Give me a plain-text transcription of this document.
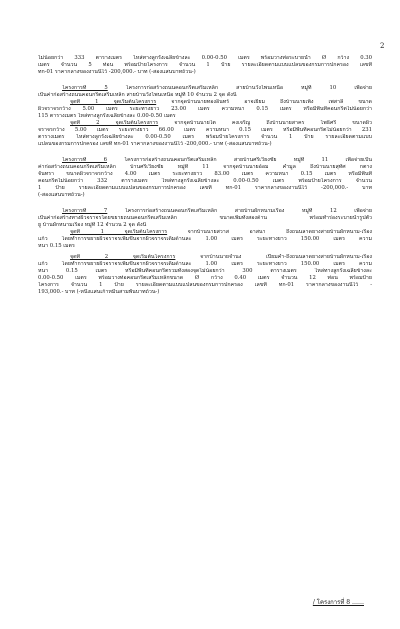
2
ไม่น้อยกว่า 333 ตารางเมตร ไหล่ทางลูกรังเฉลี่ยข้างละ 0.00-0.50 เมตร พร้อมวางท่อระบายน้ำ Ø กว้าง 0.30
เมตร จำนวน 5 ท่อน พร้อมป้ายโครงการ จำนวน 1 ป้าย รายละเอียดตามแบบแปลนของกรมการปกครอง เลขที่
ทก-01 ราคากลางของงานนี้ไว้ -200,000.- บาท (-สองแสนบาทถ้วน-)
โครงการที่ 5 โครงการก่อสร้างถนนคอนกรีตเสริมเหล็ก สายบ้านวังโพนเหนือ หมู่ที่ 10 เพื่อจ่าย
เป็นค่าก่อสร้างถนนคอนกรีตเสริมเหล็ก สายบ้านวังโพนเหนือ หมู่ที่ 10 จำนวน 2 จุด ดังนี้
จุดที่ 1 จุดเริ่มต้นโครงการ จากจุดบ้านนายทองอินทร์ อาจเยี่ยม ถึงบ้านนายเพ็ง เพสาลี ขนาด
ผิวจราจรกว้าง 5.00 เมตร ระยะทางยาว 23.00 เมตร ความหนา 0.15 เมตร หรือมีพื้นที่คอนกรีตไม่น้อยกว่า
115 ตารางเมตร ไหล่ทางลูกรังเฉลี่ยข้างละ 0.00-0.50 เมตร
จุดที่ 2 จุดเริ่มต้นโครงการ จากจุดบ้านนายไต คงเจริญ ถึงบ้านนายสาคร โพธิ์ศรี ขนาดผิว
จราจรกว้าง 5.00 เมตร ระยะทางยาว 66.00 เมตร ความหนา 0.15 เมตร หรือมีพื้นที่คอนกรีตไม่น้อยกว่า 231
ตารางเมตร ไหล่ทางลูกรังเฉลี่ยข้างละ 0.00-0.50 เมตร พร้อมป้ายโครงการ จำนวน 1 ป้าย รายละเอียดตามแบบ
แปลนของกรมการปกครอง เลขที่ ทก-01 ราคากลางของงานนี้ไว้ -200,000.- บาท (-สองแสนบาทถ้วน-)
โครงการที่ 6 โครงการก่อสร้างถนนคอนกรีตเสริมเหล็ก สายบ้านศรีเวียงชัย หมู่ที่ 11 เพื่อจ่ายเป็น
ค่าก่อสร้างถนนคอนกรีตเสริมเหล็ก บ้านศรีเวียงชัย หมู่ที่ 11 จากจุดบ้านนายอ้อม คำมูล ถึงบ้านนายสุทัศ กตาง
จันทรา ขนาดผิวจราจรกว้าง 4.00 เมตร ระยะทางยาว 83.00 เมตร ความหนา 0.15 เมตร หรือมีพื้นที่
คอนกรีตไม่น้อยกว่า 332 ตารางเมตร ไหล่ทางลูกรังเฉลี่ยข้างละ 0.00-0.50 เมตร พร้อมป้ายโครงการ จำนวน
1 ป้าย รายละเอียดตามแบบแปลนของกรมการปกครอง เลขที่ ทก-01 ราคากลางของงานนี้ไว้ -200,000.- บาท
(-สองแสนบาทถ้วน-)
โครงการที่ 7 โครงการก่อสร้างถนนคอนกรีตเสริมเหล็ก สายบ้านผักหนามเรือง หมู่ที่ 12 เพื่อจ่าย
เป็นค่าก่อสร้างทางผิวจราจรโดยขยายถนนคอนกรีตเสริมเหล็ก ขนาดเพิ่มทั้งสองด้าน พร้อมทำร่องระบายน้ำรูปตัว
ยู บ้านผักหนามเรือง หมู่ที่ 12 จำนวน 2 จุด ดังนี้
จุดที่ 1 จุดเริ่มต้นโครงการ จากบ้านนายสวาส อาสนา ถึงถนนลาดยางสายบ้านผักหนาม-เรือง
แก้ว โดยทำการขยายผิวจราจรเพิ่มขึ้นจากผิวจราจรเดิมด้านละ 1.00 เมตร ระยะทางยาว 150.00 เมตร ความ
หนา 0.15 เมตร
จุดที่ 2 จุดเริ่มต้นโครงการ จากบ้านนายจำนง เปี่ยมคำ-ถึงถนนลาดยางสายบ้านผักหนาม-เรือง
แก้ว โดยทำการขยายผิวจราจรเพิ่มขึ้นจากผิวจราจรเดิมด้านละ 1.00 เมตร ระยะทางยาว 150.00 เมตร ความ
หนา 0.15 เมตร หรือมีพื้นที่คอนกรีตรวมทั้งสองจุดไม่น้อยกว่า 300 ตารางเมตร ไหล่ทางลูกรังเฉลี่ยข้างละ
0.00-0.50 เมตร พร้อมวางท่อคอนกรีตเสริมเหล็กขนาด Ø กว้าง 0.40 เมตร จำนวน 12 ท่อน พร้อมป้าย
โครงการ จำนวน 1 ป้าย รายละเอียดตามแบบแปลนของกรมการปกครอง เลขที่ ทก-01 ราคากลางของงานนี้ไว้ -
193,000.- บาท (-หนึ่งแสนเก้าหมื่นสามพันบาทถ้วน-)
/ โครงการที่ 8 ……
